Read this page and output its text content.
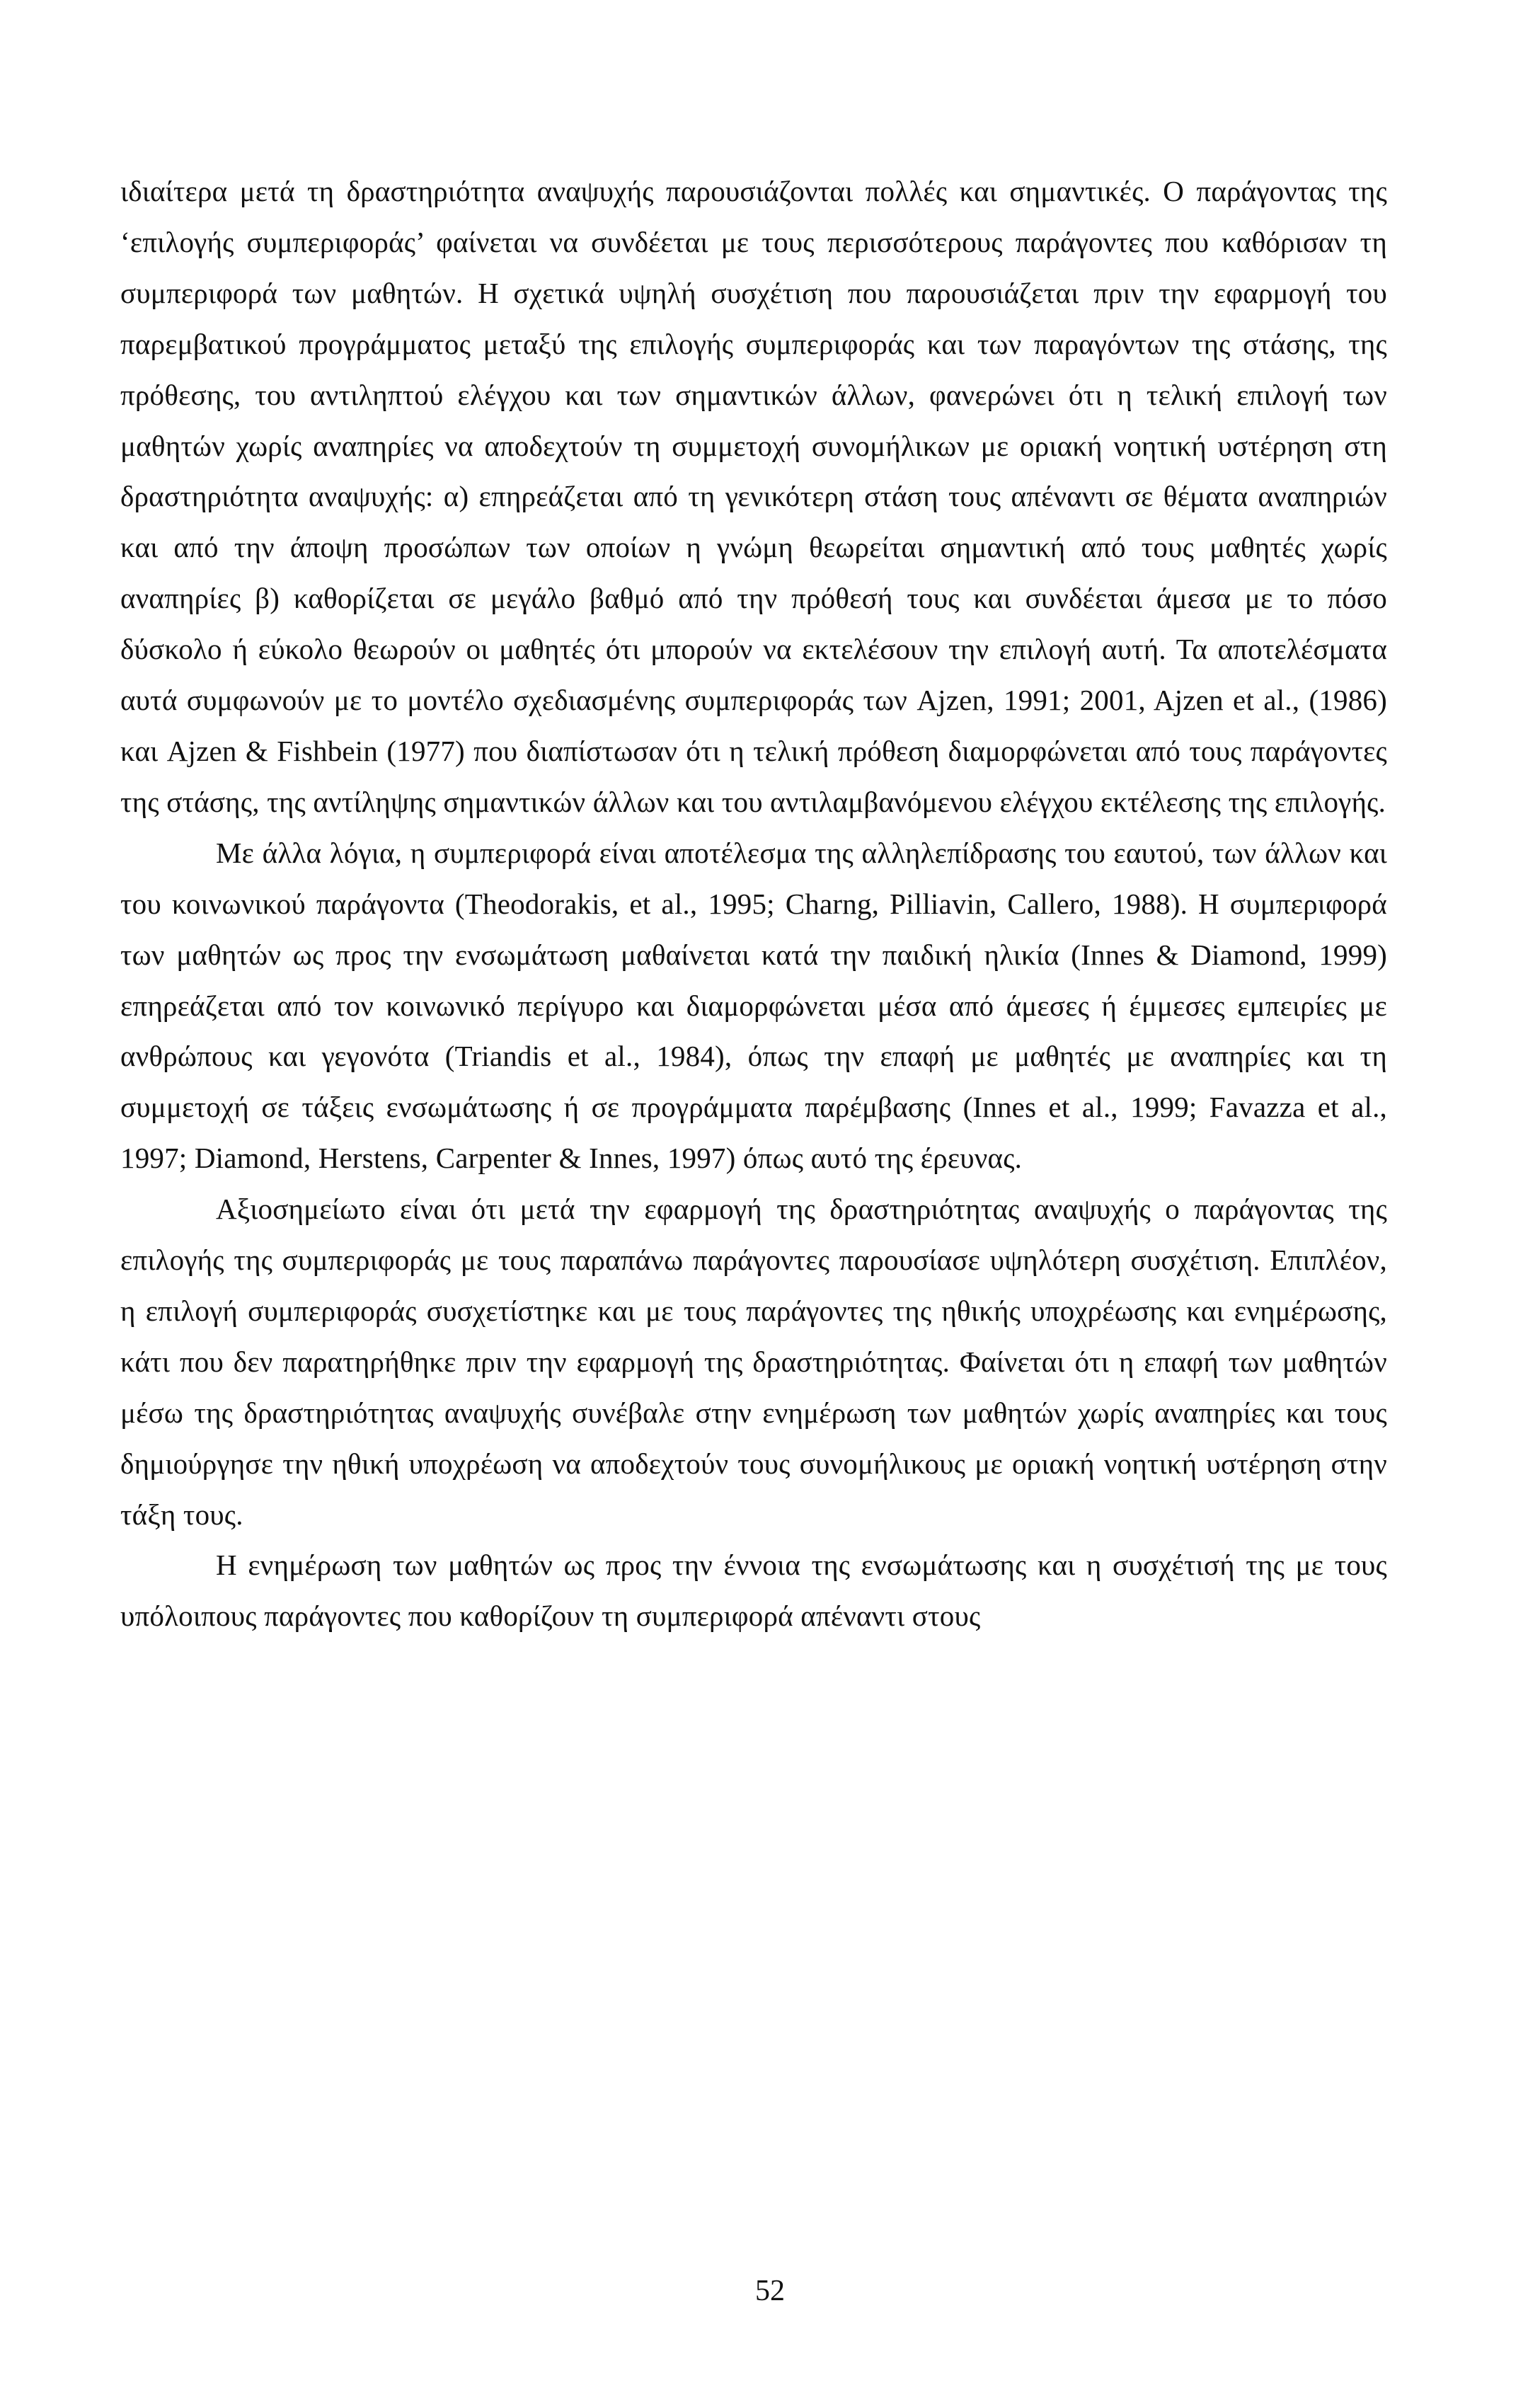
ιδιαίτερα μετά τη δραστηριότητα αναψυχής παρουσιάζονται πολλές και σημαντικές. Ο παράγοντας της ‘επιλογής συμπεριφοράς’ φαίνεται να συνδέεται με τους περισσότερους παράγοντες που καθόρισαν τη συμπεριφορά των μαθητών. Η σχετικά υψηλή συσχέτιση που παρουσιάζεται πριν την εφαρμογή του παρεμβατικού προγράμματος μεταξύ της επιλογής συμπεριφοράς και των παραγόντων της στάσης, της πρόθεσης, του αντιληπτού ελέγχου και των σημαντικών άλλων, φανερώνει ότι η τελική επιλογή των μαθητών χωρίς αναπηρίες να αποδεχτούν τη συμμετοχή συνομήλικων με οριακή νοητική υστέρηση στη δραστηριότητα αναψυχής: α) επηρεάζεται από τη γενικότερη στάση τους απέναντι σε θέματα αναπηριών και από την άποψη προσώπων των οποίων η γνώμη θεωρείται σημαντική από τους μαθητές χωρίς αναπηρίες β) καθορίζεται σε μεγάλο βαθμό από την πρόθεσή τους και συνδέεται άμεσα με το πόσο δύσκολο ή εύκολο θεωρούν οι μαθητές ότι μπορούν να εκτελέσουν την επιλογή αυτή. Τα αποτελέσματα αυτά συμφωνούν με το μοντέλο σχεδιασμένης συμπεριφοράς των Ajzen, 1991; 2001, Ajzen et al., (1986) και Ajzen & Fishbein (1977) που διαπίστωσαν ότι η τελική πρόθεση διαμορφώνεται από τους παράγοντες της στάσης, της αντίληψης σημαντικών άλλων και του αντιλαμβανόμενου ελέγχου εκτέλεσης της επιλογής.

Με άλλα λόγια, η συμπεριφορά είναι αποτέλεσμα της αλληλεπίδρασης του εαυτού, των άλλων και του κοινωνικού παράγοντα (Theodorakis, et al., 1995; Charng, Pilliavin, Callero, 1988). Η συμπεριφορά των μαθητών ως προς την ενσωμάτωση μαθαίνεται κατά την παιδική ηλικία (Innes & Diamond, 1999) επηρεάζεται από τον κοινωνικό περίγυρο και διαμορφώνεται μέσα από άμεσες ή έμμεσες εμπειρίες με ανθρώπους και γεγονότα (Triandis et al., 1984), όπως την επαφή με μαθητές με αναπηρίες και τη συμμετοχή σε τάξεις ενσωμάτωσης ή σε προγράμματα παρέμβασης (Innes et al., 1999; Favazza et al., 1997; Diamond, Herstens, Carpenter & Innes, 1997) όπως αυτό της έρευνας.

Αξιοσημείωτο είναι ότι μετά την εφαρμογή της δραστηριότητας αναψυχής ο παράγοντας της επιλογής της συμπεριφοράς με τους παραπάνω παράγοντες παρουσίασε υψηλότερη συσχέτιση. Επιπλέον, η επιλογή συμπεριφοράς συσχετίστηκε και με τους παράγοντες της ηθικής υποχρέωσης και ενημέρωσης, κάτι που δεν παρατηρήθηκε πριν την εφαρμογή της δραστηριότητας. Φαίνεται ότι η επαφή των μαθητών μέσω της δραστηριότητας αναψυχής συνέβαλε στην ενημέρωση των μαθητών χωρίς αναπηρίες και τους δημιούργησε την ηθική υποχρέωση να αποδεχτούν τους συνομήλικους με οριακή νοητική υστέρηση στην τάξη τους.

Η ενημέρωση των μαθητών ως προς την έννοια της ενσωμάτωσης και η συσχέτισή της με τους υπόλοιπους παράγοντες που καθορίζουν τη συμπεριφορά απέναντι στους

52
